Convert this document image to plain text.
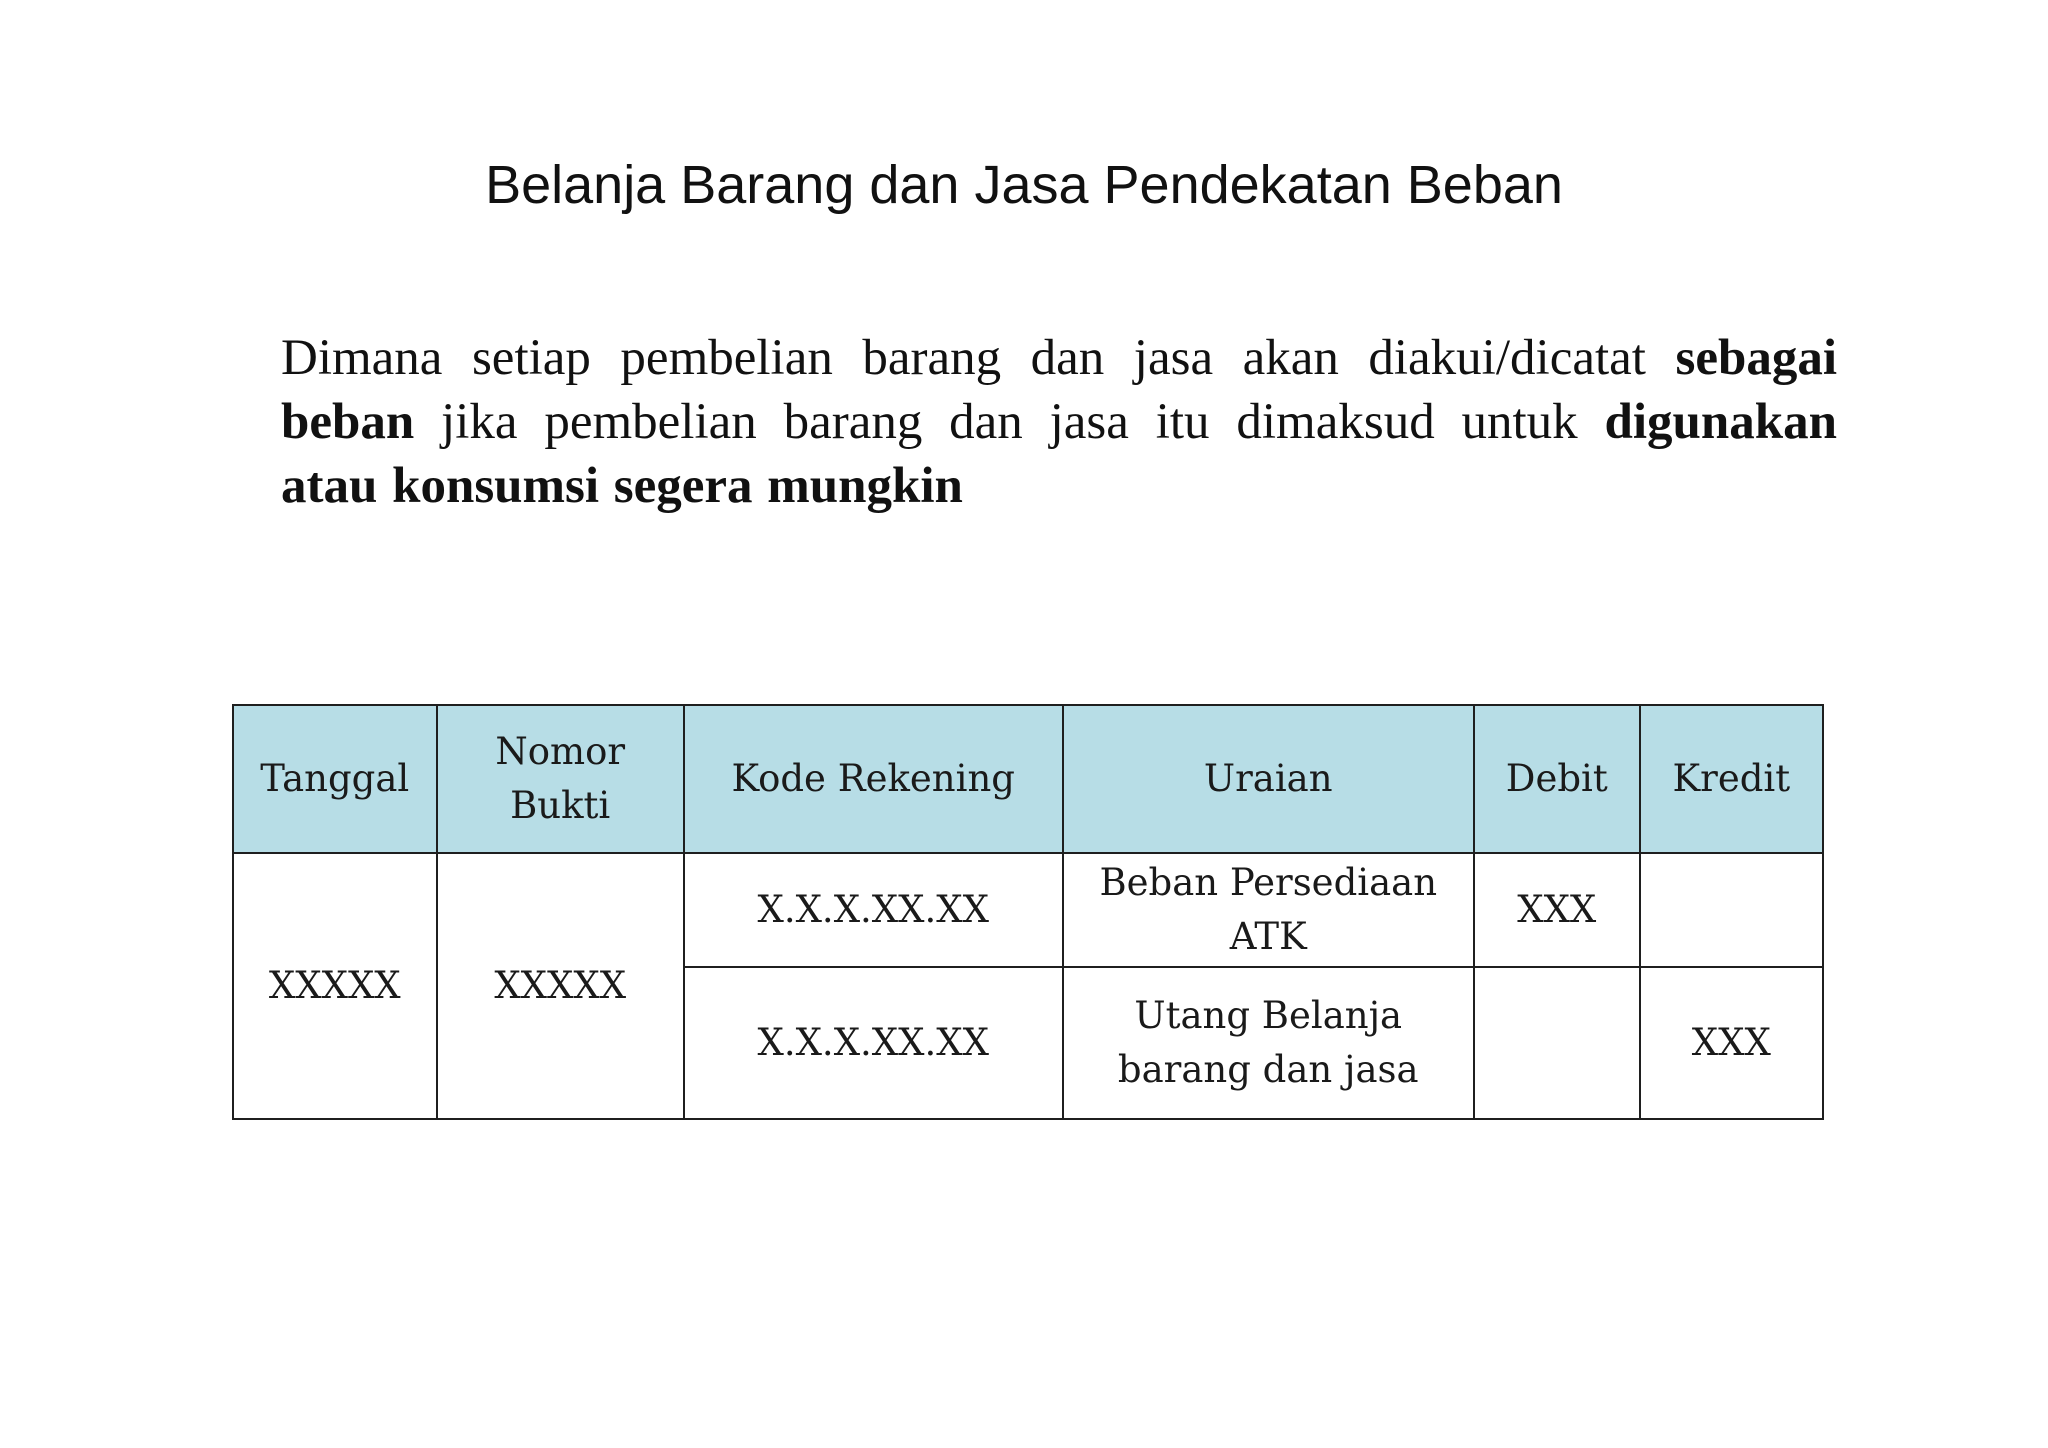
Belanja Barang dan Jasa Pendekatan Beban

Dimana setiap pembelian barang dan jasa akan diakui/dicatat sebagai beban jika pembelian barang dan jasa itu dimaksud untuk digunakan atau konsumsi segera mungkin

Tanggal	Nomor Bukti	Kode Rekening	Uraian	Debit	Kredit
XXXXX	XXXXX	X.X.X.XX.XX	Beban Persediaan ATK	XXX	
		X.X.X.XX.XX	Utang Belanja barang dan jasa		XXX
